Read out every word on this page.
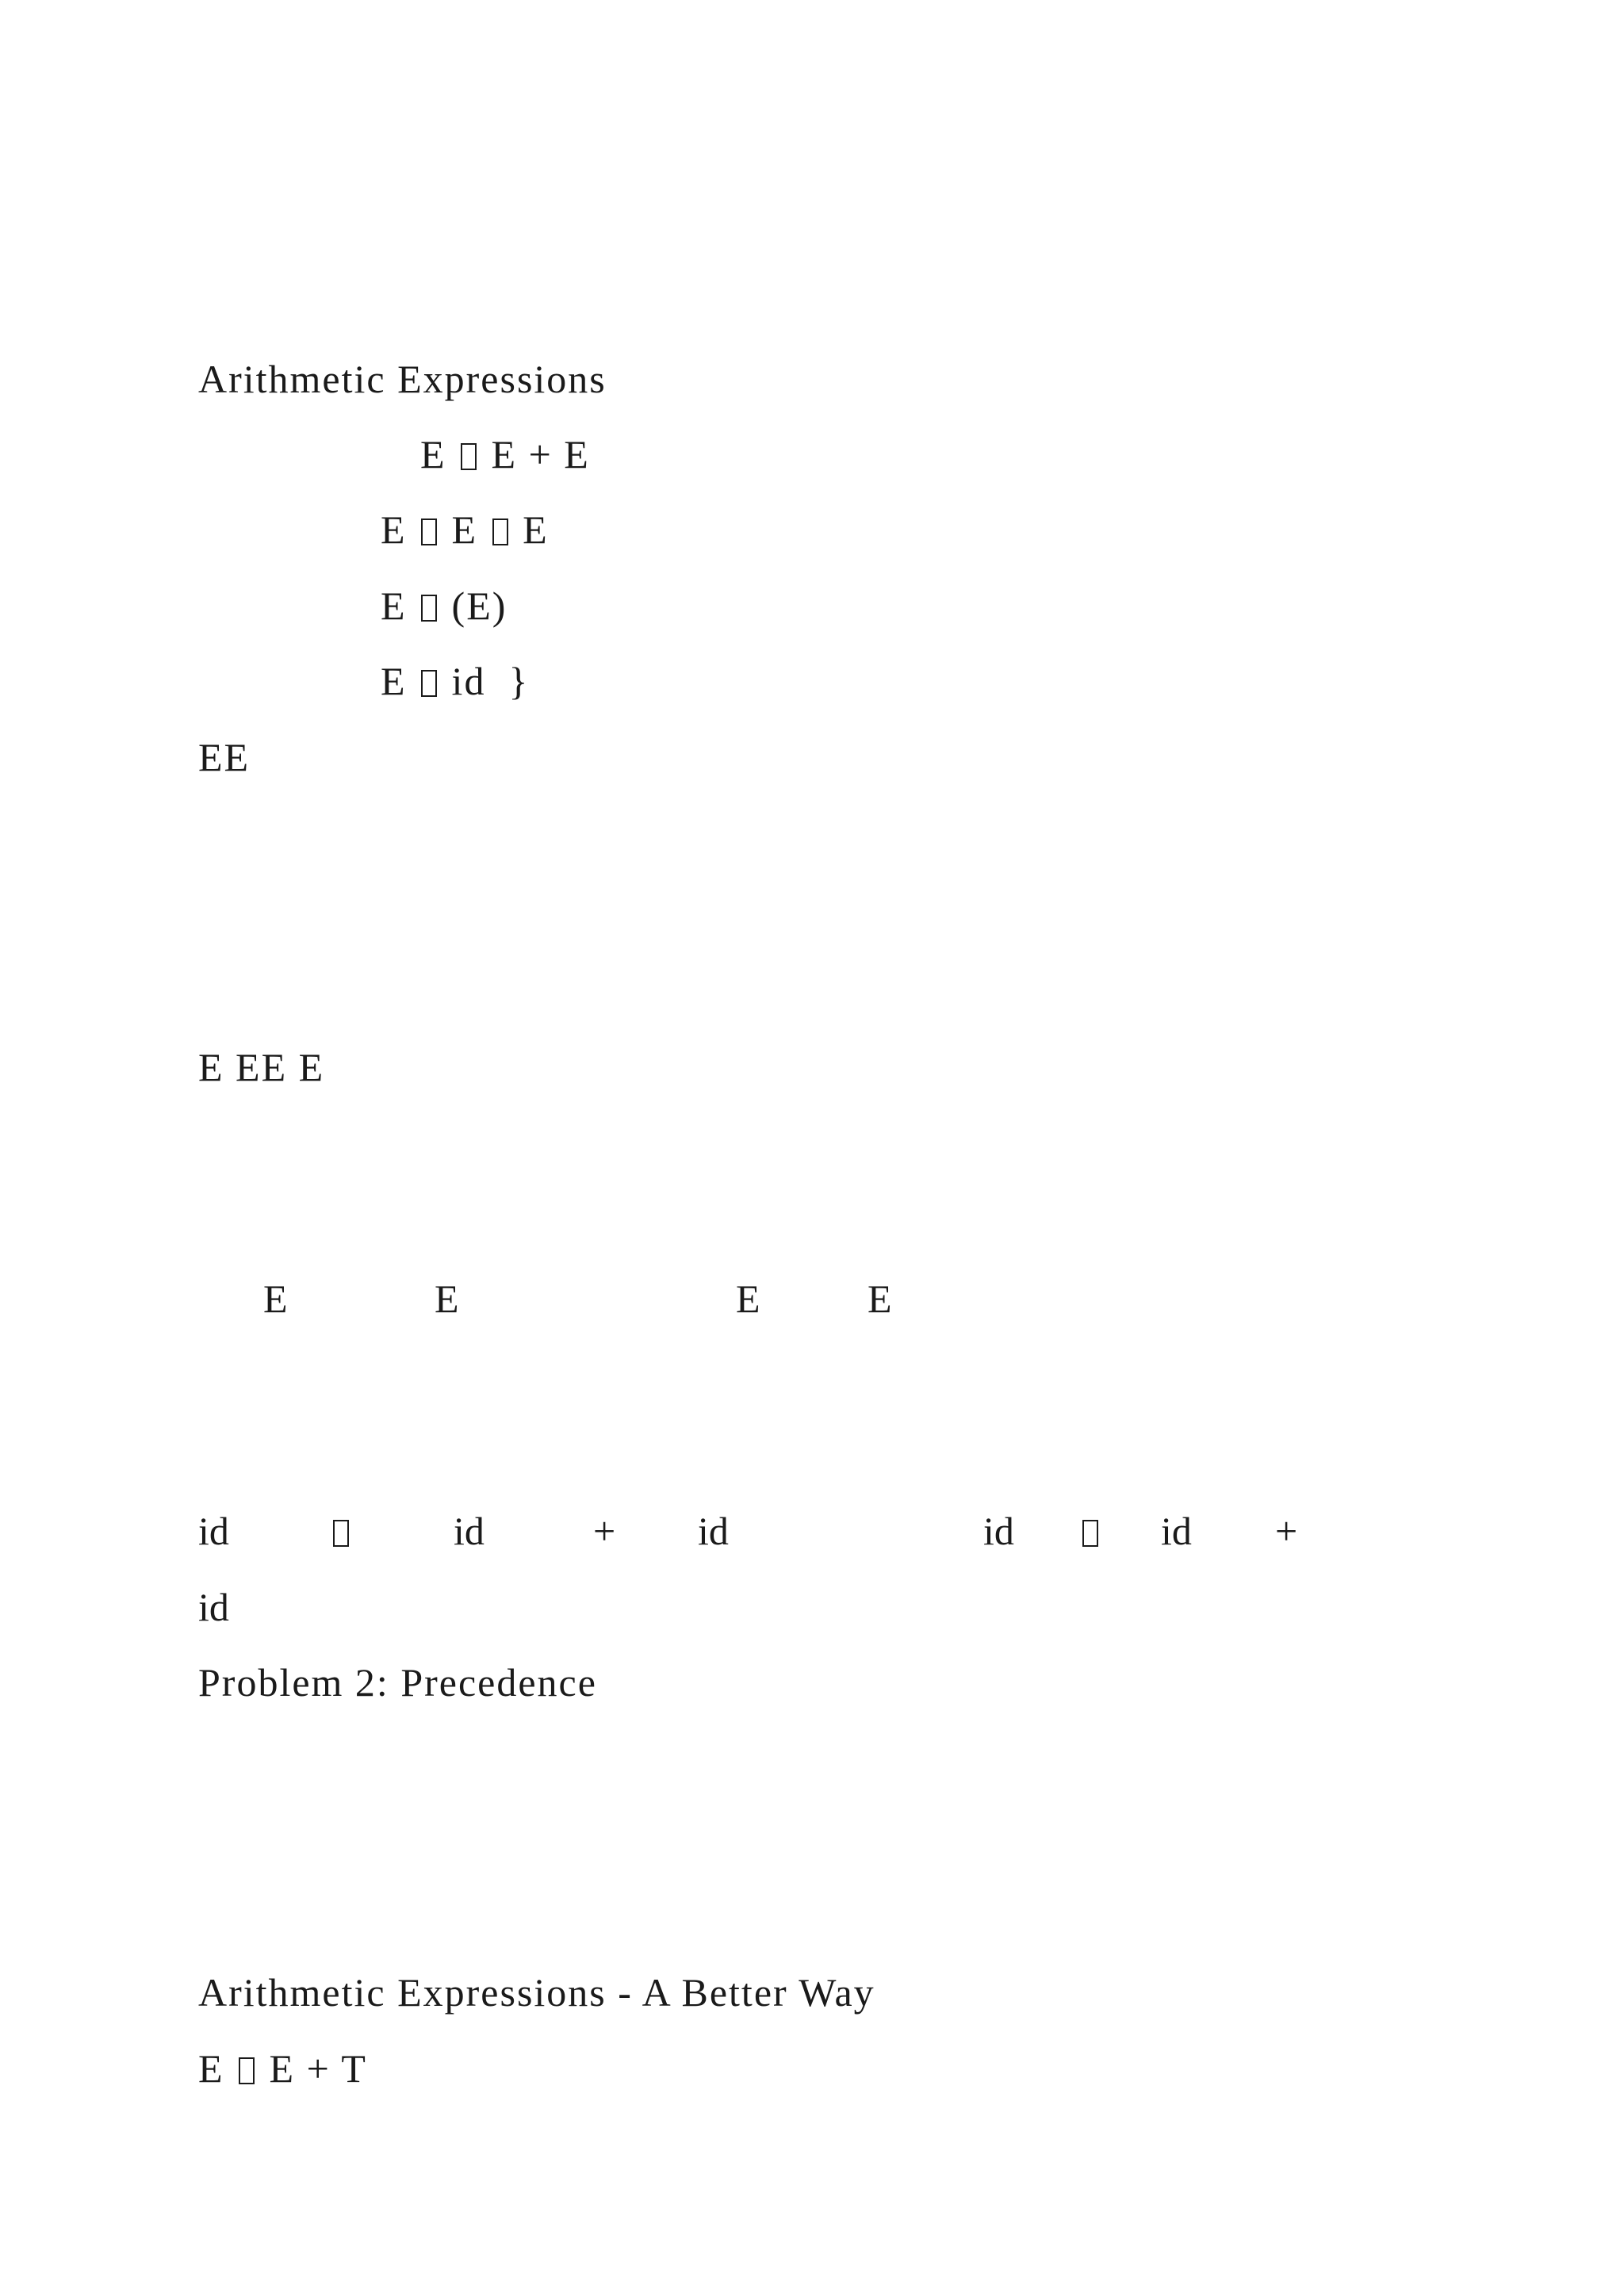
Arithmetic Expressions
E E + E
E E E
E (E)
E id  }
EE
E EE E
E	E	E	E
id	id	+ id	id	id +
id
Problem 2: Precedence
Arithmetic Expressions - A Better Way
E E + T
